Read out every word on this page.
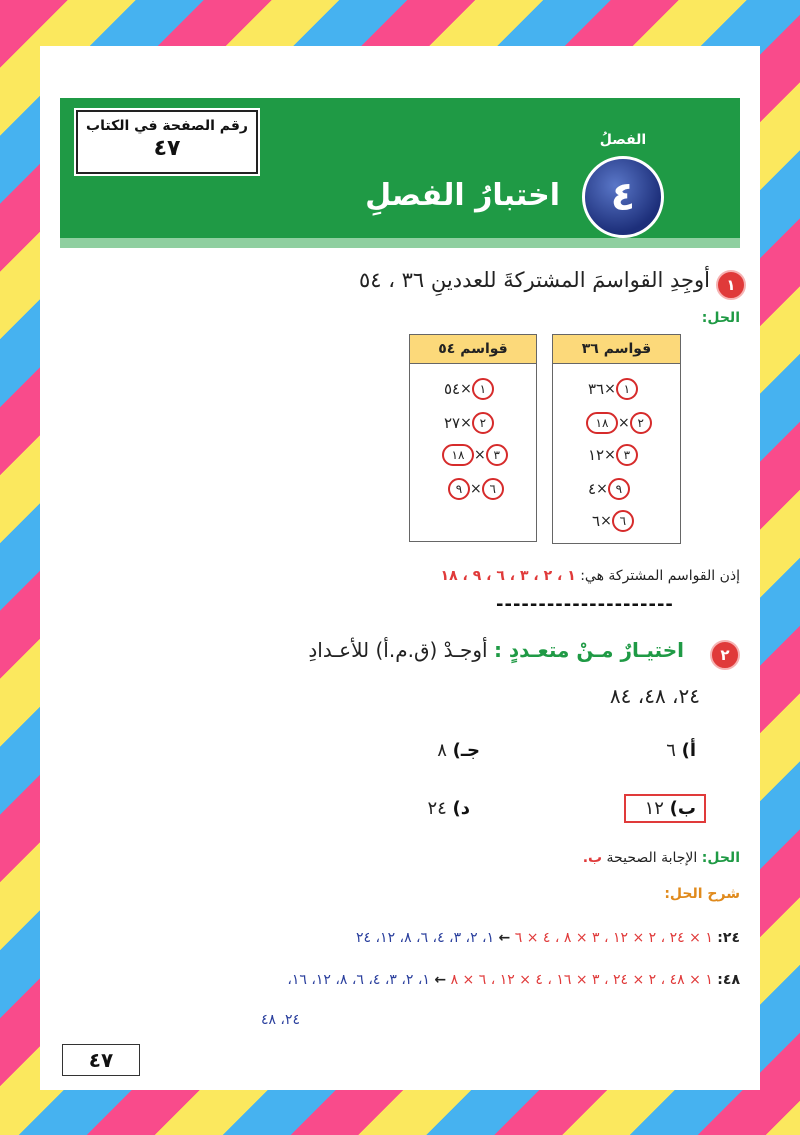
رقم الصفحة في الكتاب
٤٧	الفصلُ
٤
اختبارُ الفصلِ
١
أوجِدِ القواسمَ المشتركةَ للعددينِ ٣٦ ، ٥٤
الحل:
قواسم ٣٦
٣٦× ١
١٨ × ٢
١٢× ٣
٤× ٩
٦× ٦
قواسم ٥٤
٥٤× ١
٢٧× ٢
١٨ × ٣
٩ × ٦
إذن القواسم المشتركة هي: ١ ، ٢ ، ٣ ، ٦ ، ٩ ، ١٨
---------------------
٢
اختيـارٌ مـنْ متعـددٍ : أوجـدْ (ق.م.أ) للأعـدادِ
٢٤، ٤٨، ٨٤
أ) ٦
جـ) ٨
ب) ١٢
د) ٢٤
الحل: الإجابة الصحيحة ب.
شرح الحل:
٢٤: ١ × ٢٤ ، ٢ × ١٢ ، ٣ × ٨ ، ٤ × ٦ ← ١، ٢، ٣، ٤، ٦، ٨، ١٢، ٢٤
٤٨: ١ × ٤٨ ، ٢ × ٢٤ ، ٣ × ١٦ ، ٤ × ١٢ ، ٦ × ٨ ← ١، ٢، ٣، ٤، ٦، ٨، ١٢، ١٦،
٢٤، ٤٨
٤٧
